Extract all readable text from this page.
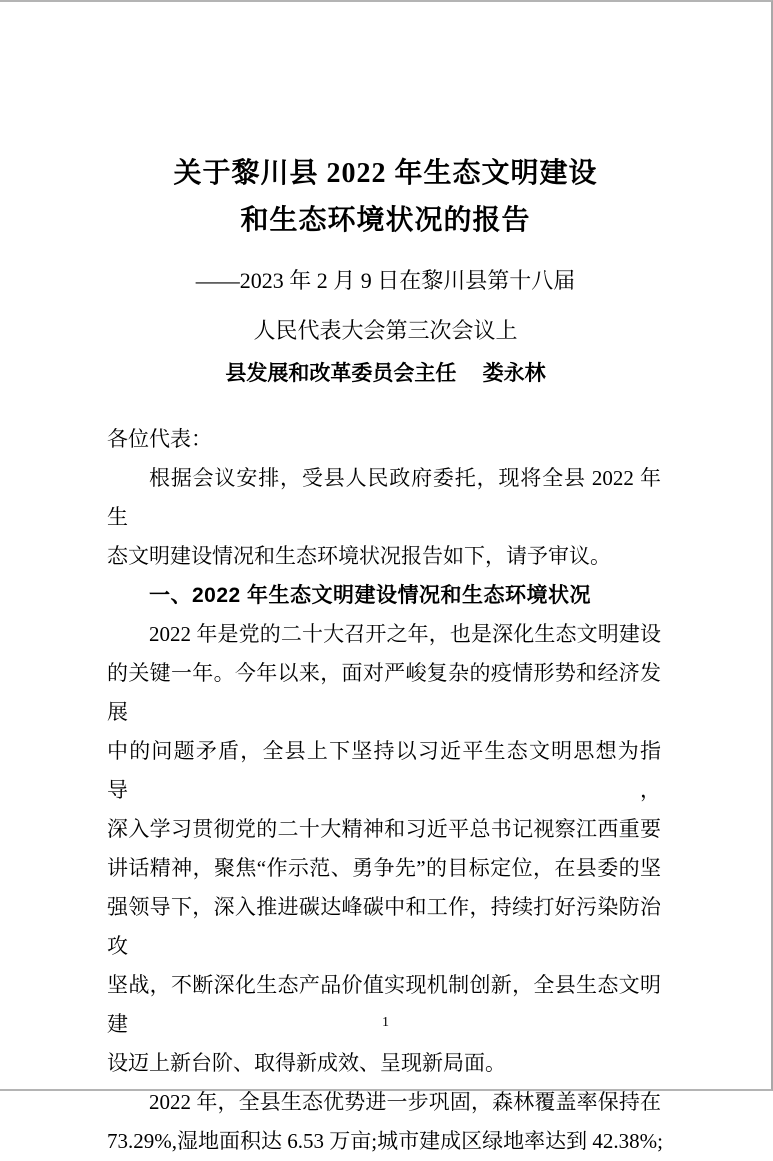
关于黎川县 2022 年生态文明建设
和生态环境状况的报告
——2023 年 2 月 9 日在黎川县第十八届
人民代表大会第三次会议上
县发展和改革委员会主任　 娄永林
各位代表：
根据会议安排，受县人民政府委托，现将全县 2022 年生
态文明建设情况和生态环境状况报告如下，请予审议。
一、2022 年生态文明建设情况和生态环境状况
2022 年是党的二十大召开之年，也是深化生态文明建设
的关键一年。今年以来，面对严峻复杂的疫情形势和经济发展
中的问题矛盾，全县上下坚持以习近平生态文明思想为指导，
深入学习贯彻党的二十大精神和习近平总书记视察江西重要
讲话精神，聚焦“作示范、勇争先”的目标定位，在县委的坚
强领导下，深入推进碳达峰碳中和工作，持续打好污染防治攻
坚战，不断深化生态产品价值实现机制创新，全县生态文明建
设迈上新台阶、取得新成效、呈现新局面。
2022 年，全县生态优势进一步巩固，森林覆盖率保持在
73.29%,湿地面积达 6.53 万亩;城市建成区绿地率达到 42.38%;
1
